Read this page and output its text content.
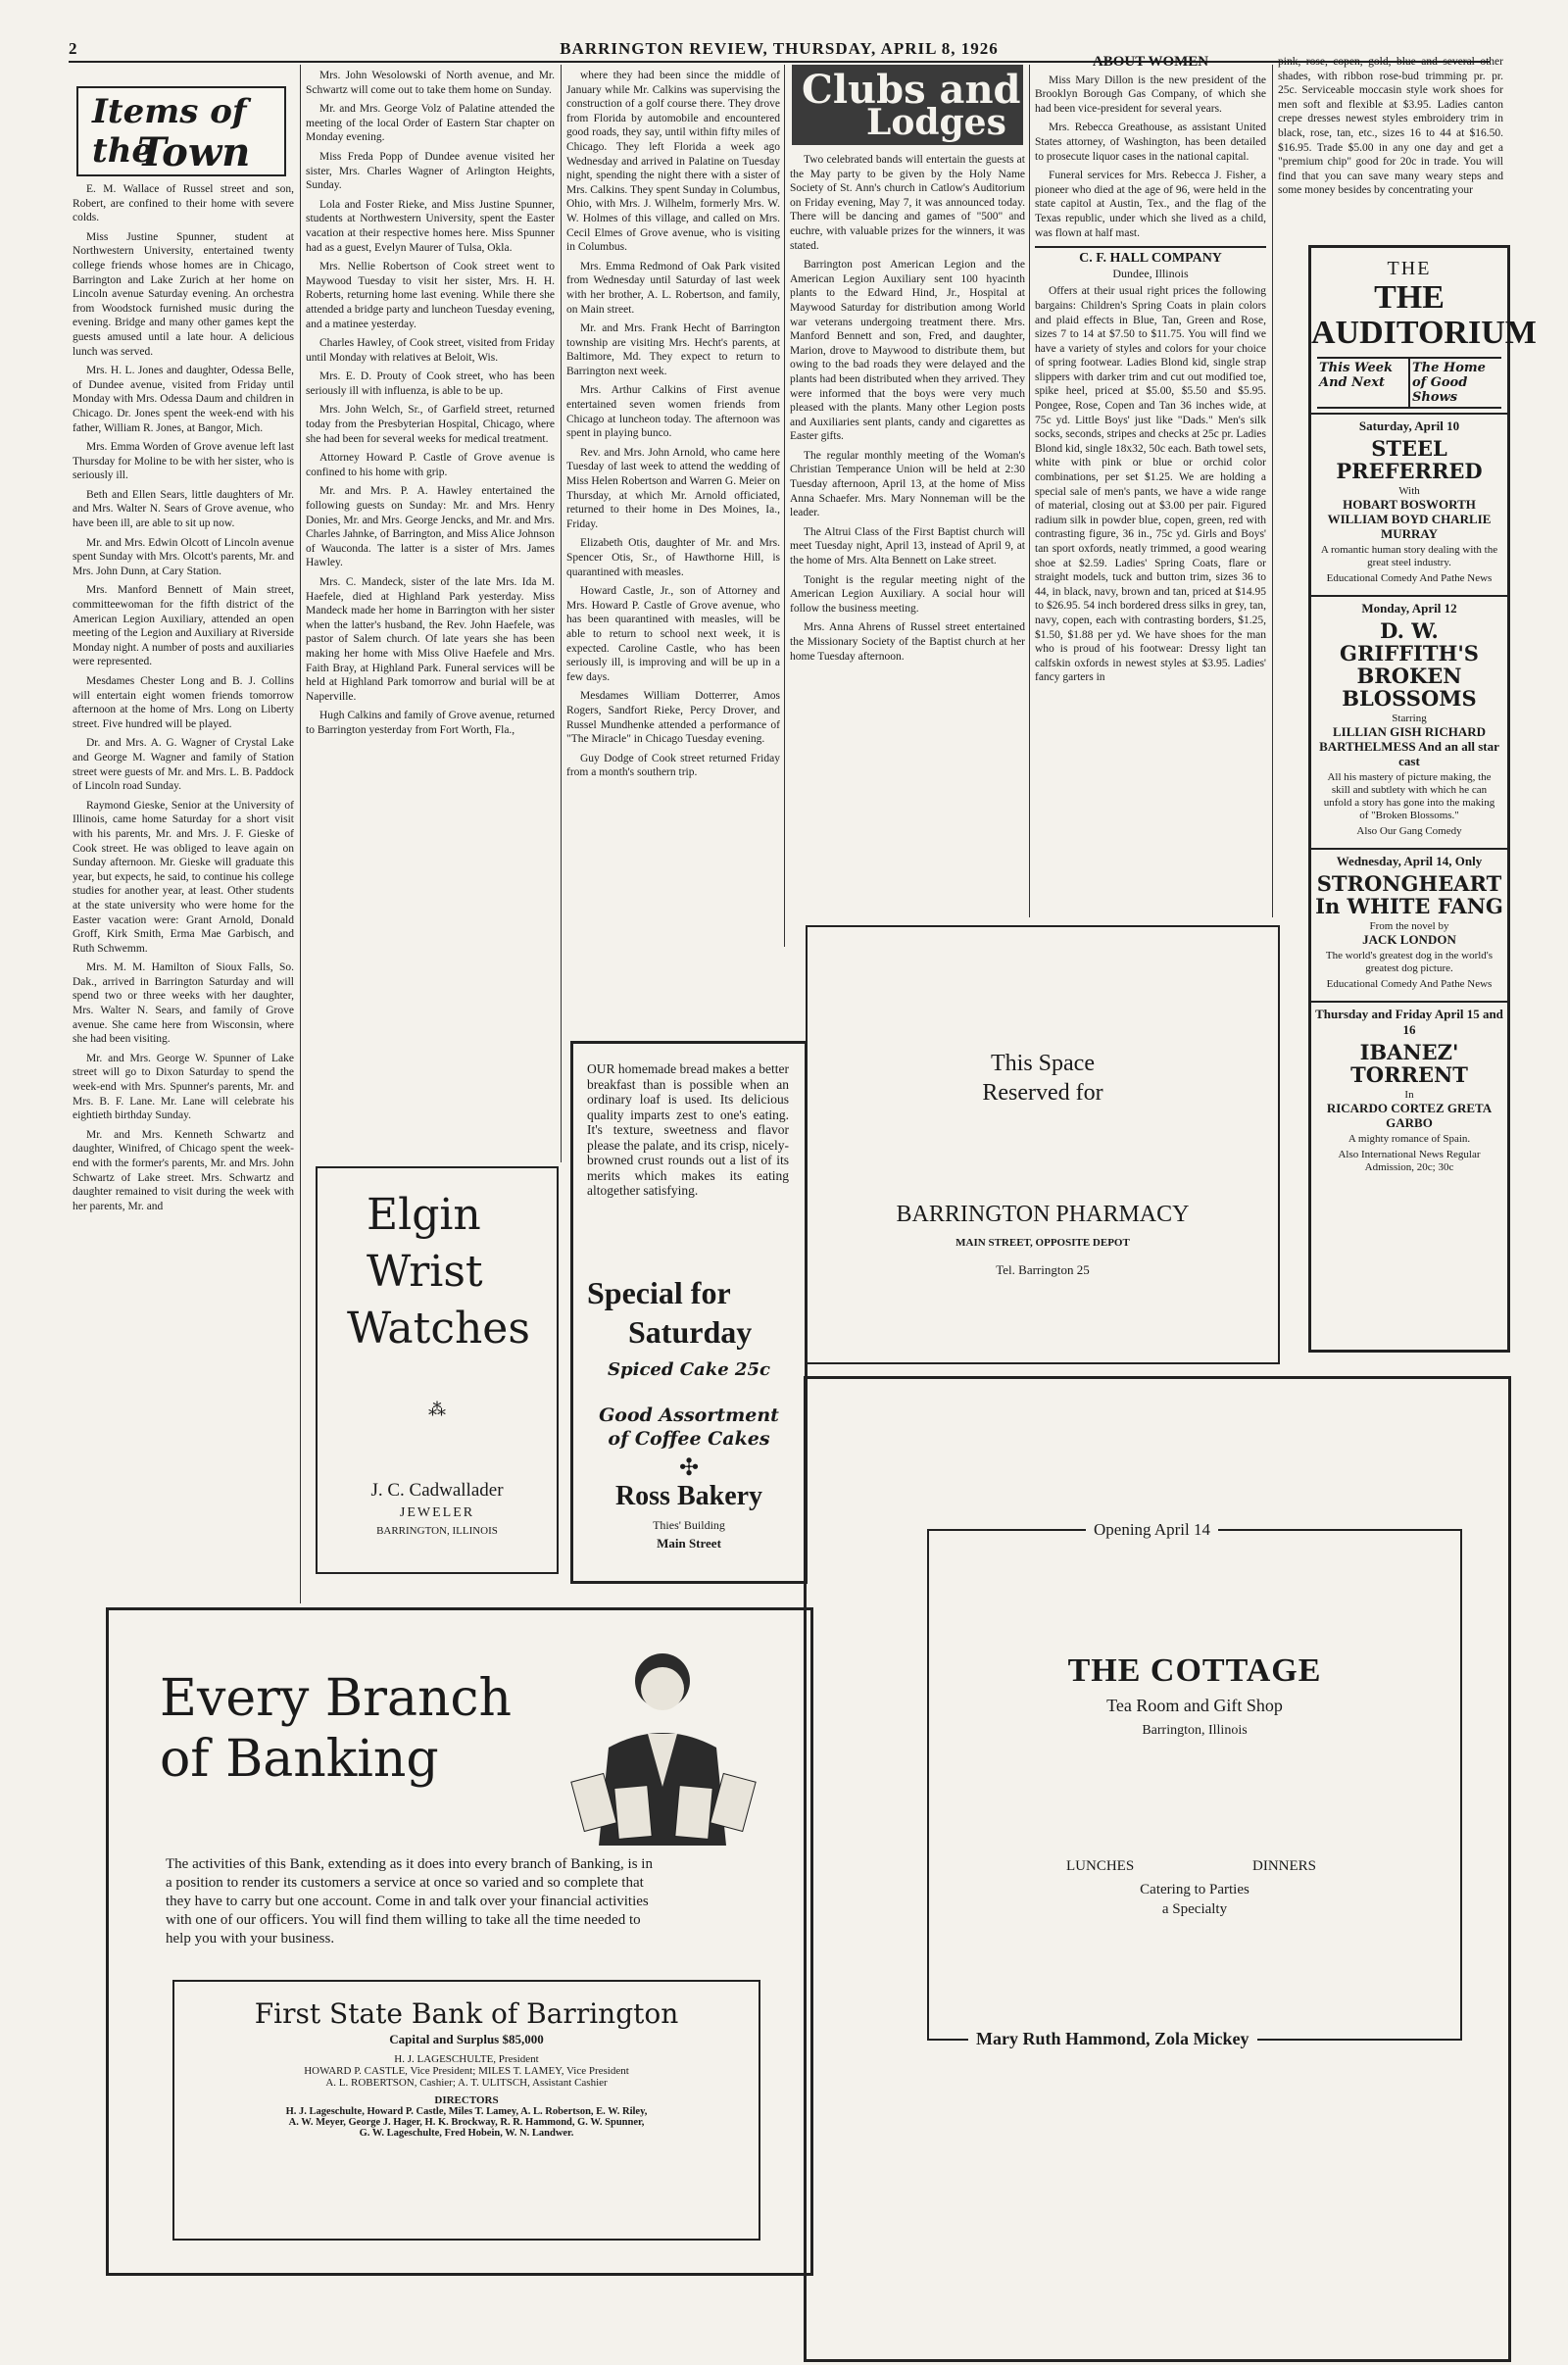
2	BARRINGTON REVIEW, THURSDAY, APRIL 8, 1926
Items of the
Town

E. M. Wallace of Russel street and son, Robert, are confined to their home with severe colds.

Miss Justine Spunner, student at Northwestern University, entertained twenty college friends whose homes are in Chicago, Barrington and Lake Zurich at her home on Lincoln avenue Saturday evening. An orchestra from Woodstock furnished music during the evening. Bridge and many other games kept the guests amused until a late hour. A delicious lunch was served.

Mrs. H. L. Jones and daughter, Odessa Belle, of Dundee avenue, visited from Friday until Monday with Mrs. Odessa Daum and children in Chicago. Dr. Jones spent the week-end with his father, William R. Jones, at Bangor, Mich.

Mrs. Emma Worden of Grove avenue left last Thursday for Moline to be with her sister, who is seriously ill.

Beth and Ellen Sears, little daughters of Mr. and Mrs. Walter N. Sears of Grove avenue, who have been ill, are able to sit up now.

Mr. and Mrs. Edwin Olcott of Lincoln avenue spent Sunday with Mrs. Olcott's parents, Mr. and Mrs. John Dunn, at Cary Station.

Mrs. Manford Bennett of Main street, committeewoman for the fifth district of the American Legion Auxiliary, attended an open meeting of the Legion and Auxiliary at Riverside Monday night. A number of posts and auxiliaries were represented.

Mesdames Chester Long and B. J. Collins will entertain eight women friends tomorrow afternoon at the home of Mrs. Long on Liberty street. Five hundred will be played.

Dr. and Mrs. A. G. Wagner of Crystal Lake and George M. Wagner and family of Station street were guests of Mr. and Mrs. L. B. Paddock of Lincoln road Sunday.

Raymond Gieske, Senior at the University of Illinois, came home Saturday for a short visit with his parents, Mr. and Mrs. J. F. Gieske of Cook street. He was obliged to leave again on Sunday afternoon. Mr. Gieske will graduate this year, but expects, he said, to continue his college studies for another year, at least. Other students at the state university who were home for the Easter vacation were: Grant Arnold, Donald Groff, Kirk Smith, Erma Mae Garbisch, and Ruth Schwemm.

Mrs. M. M. Hamilton of Sioux Falls, So. Dak., arrived in Barrington Saturday and will spend two or three weeks with her daughter, Mrs. Walter N. Sears, and family of Grove avenue. She came here from Wisconsin, where she had been visiting.

Mr. and Mrs. George W. Spunner of Lake street will go to Dixon Saturday to spend the week-end with Mrs. Spunner's parents, Mr. and Mrs. B. F. Lane. Mr. Lane will celebrate his eightieth birthday Sunday.

Mr. and Mrs. Kenneth Schwartz and daughter, Winifred, of Chicago spent the week-end with the former's parents, Mr. and Mrs. John Schwartz of Lake street. Mrs. Schwartz and daughter remained to visit during the week with her parents, Mr. and

Mrs. John Wesolowski of North avenue, and Mr. Schwartz will come out to take them home on Sunday.

Mr. and Mrs. George Volz of Palatine attended the meeting of the local Order of Eastern Star chapter on Monday evening.

Miss Freda Popp of Dundee avenue visited her sister, Mrs. Charles Wagner of Arlington Heights, Sunday.

Lola and Foster Rieke, and Miss Justine Spunner, students at Northwestern University, spent the Easter vacation at their respective homes here. Miss Spunner had as a guest, Evelyn Maurer of Tulsa, Okla.

Mrs. Nellie Robertson of Cook street went to Maywood Tuesday to visit her sister, Mrs. H. H. Roberts, returning home last evening. While there she attended a bridge party and luncheon Tuesday evening, and a matinee yesterday.

Charles Hawley, of Cook street, visited from Friday until Monday with relatives at Beloit, Wis.

Mrs. E. D. Prouty of Cook street, who has been seriously ill with influenza, is able to be up.

Mrs. John Welch, Sr., of Garfield street, returned today from the Presbyterian Hospital, Chicago, where she had been for several weeks for medical treatment.

Attorney Howard P. Castle of Grove avenue is confined to his home with grip.

Mr. and Mrs. P. A. Hawley entertained the following guests on Sunday: Mr. and Mrs. Henry Donies, Mr. and Mrs. George Jencks, and Mr. and Mrs. Charles Jahnke, of Barrington, and Miss Alice Johnson of Wauconda. The latter is a sister of Mrs. James Hawley.

Mrs. C. Mandeck, sister of the late Mrs. Ida M. Haefele, died at Highland Park yesterday. Miss Mandeck made her home in Barrington with her sister when the latter's husband, the Rev. John Haefele, was pastor of Salem church. Of late years she has been making her home with Miss Olive Haefele and Mrs. Faith Bray, at Highland Park. Funeral services will be held at Highland Park tomorrow and burial will be at Naperville.

Hugh Calkins and family of Grove avenue, returned to Barrington yesterday from Fort Worth, Fla.,

where they had been since the middle of January while Mr. Calkins was supervising the construction of a golf course there. They drove from Florida by automobile and encountered good roads, they say, until within fifty miles of Chicago. They left Florida a week ago Wednesday and arrived in Palatine on Tuesday night, spending the night there with a sister of Mrs. Calkins. They spent Sunday in Columbus, Ohio, with Mrs. J. Wilhelm, formerly Mrs. W. W. Holmes of this village, and called on Mrs. Cecil Elmes of Grove avenue, who is visiting in Columbus.

Mrs. Emma Redmond of Oak Park visited from Wednesday until Saturday of last week with her brother, A. L. Robertson, and family, on Main street.

Mr. and Mrs. Frank Hecht of Barrington township are visiting Mrs. Hecht's parents, at Baltimore, Md. They expect to return to Barrington next week.

Mrs. Arthur Calkins of First avenue entertained seven women friends from Chicago at luncheon today. The afternoon was spent in playing bunco.

Rev. and Mrs. John Arnold, who came here Tuesday of last week to attend the wedding of Miss Helen Robertson and Warren G. Meier on Thursday, at which Mr. Arnold officiated, returned to their home in Des Moines, Ia., Friday.

Elizabeth Otis, daughter of Mr. and Mrs. Spencer Otis, Sr., of Hawthorne Hill, is quarantined with measles.

Howard Castle, Jr., son of Attorney and Mrs. Howard P. Castle of Grove avenue, who has been quarantined with measles, will be able to return to school next week, it is expected. Caroline Castle, who has been seriously ill, is improving and will be up in a few days.

Mesdames William Dotterrer, Amos Rogers, Sandfort Rieke, Percy Drover, and Russel Mundhenke attended a performance of "The Miracle" in Chicago Tuesday evening.

Guy Dodge of Cook street returned Friday from a month's southern trip.

Clubs and
Lodges

Two celebrated bands will entertain the guests at the May party to be given by the Holy Name Society of St. Ann's church in Catlow's Auditorium on Friday evening, May 7, it was announced today. There will be dancing and games of "500" and euchre, with valuable prizes for the winners, it was stated.

Barrington post American Legion and the American Legion Auxiliary sent 100 hyacinth plants to the Edward Hind, Jr., Hospital at Maywood Saturday for distribution among World war veterans undergoing treatment there. Mrs. Manford Bennett and son, Fred, and daughter, Marion, drove to Maywood to distribute them, but owing to the bad roads they were delayed and the plants had been distributed when they arrived. They were informed that the boys were very much pleased with the plants. Many other Legion posts and Auxiliaries sent plants, candy and cigarettes as Easter gifts.

The regular monthly meeting of the Woman's Christian Temperance Union will be held at 2:30 Tuesday afternoon, April 13, at the home of Miss Anna Schaefer. Mrs. Mary Nonneman will be the leader.

The Altrui Class of the First Baptist church will meet Tuesday night, April 13, instead of April 9, at the home of Mrs. Alta Bennett on Lake street.

Tonight is the regular meeting night of the American Legion Auxiliary. A social hour will follow the business meeting.

Mrs. Anna Ahrens of Russel street entertained the Missionary Society of the Baptist church at her home Tuesday afternoon.

ABOUT WOMEN

Miss Mary Dillon is the new president of the Brooklyn Borough Gas Company, of which she had been vice-president for several years.

Mrs. Rebecca Greathouse, as assistant United States attorney, of Washington, has been detailed to prosecute liquor cases in the national capital.

Funeral services for Mrs. Rebecca J. Fisher, a pioneer who died at the age of 96, were held in the state capitol at Austin, Tex., and the flag of the Texas republic, under which she lived as a child, was flown at half mast.

C. F. HALL COMPANY
Dundee, Illinois

Offers at their usual right prices the following bargains: Children's Spring Coats in plain colors and plaid effects in Blue, Tan, Green and Rose, sizes 7 to 14 at $7.50 to $11.75. You will find we have a variety of styles and colors for your choice of spring footwear. Ladies Blond kid, single strap slippers with darker trim and cut out modified toe, spike heel, priced at $5.00, $5.50 and $5.95. Pongee, Rose, Copen and Tan 36 inches wide, at 75c yd. Little Boys' just like "Dads." Men's silk socks, seconds, stripes and checks at 25c pr. Ladies Blond kid, single 18x32, 50c each. Bath towel sets, white with pink or blue or orchid color combinations, per set $1.25. We are holding a special sale of men's pants, we have a wide range of material, closing out at $3.00 per pair. Figured radium silk in powder blue, copen, green, red with contrasting figure, 36 in., 75c yd. Girls and Boys' tan sport oxfords, neatly trimmed, a good wearing shoe at $2.59. Ladies' Spring Coats, flare or straight models, tuck and button trim, sizes 36 to 44, in black, navy, brown and tan, priced at $14.95 to $26.95. 54 inch bordered dress silks in grey, tan, navy, copen, each with contrasting borders, $1.25, $1.50, $1.88 per yd. We have shoes for the man who is proud of his footwear: Dressy light tan calfskin oxfords in newest styles at $3.95. Ladies' fancy garters in

pink, rose, copen, gold, blue and several other shades, with ribbon rose-bud trimming pr. pr. 25c. Serviceable moccasin style work shoes for men soft and flexible at $3.95. Ladies canton crepe dresses newest styles embroidery trim in black, rose, tan, etc., sizes 16 to 44 at $16.50. $16.95. Trade $5.00 in any one day and get a "premium chip" good for 20c in trade. You will find that you can save many weary steps and some money besides by concentrating your

THE
THE AUDITORIUM
This Week And Next
The Home of Good Shows
Saturday, April 10
STEEL PREFERRED
With
HOBART BOSWORTH WILLIAM BOYD CHARLIE MURRAY
A romantic human story dealing with the great steel industry.
Educational Comedy And Pathe News
Monday, April 12
D. W. GRIFFITH'S BROKEN BLOSSOMS
Starring
LILLIAN GISH RICHARD BARTHELMESS And an all star cast
All his mastery of picture making, the skill and subtlety with which he can unfold a story has gone into the making of "Broken Blossoms."
Also Our Gang Comedy
Wednesday, April 14, Only
STRONGHEART In WHITE FANG
From the novel by
JACK LONDON
The world's greatest dog in the world's greatest dog picture.
Educational Comedy And Pathe News
Thursday and Friday April 15 and 16
IBANEZ' TORRENT
In
RICARDO CORTEZ GRETA GARBO
A mighty romance of Spain.
Also International News Regular Admission, 20c; 30c
Elgin
Wrist
Watches
⁂
J. C. Cadwallader
JEWELER
BARRINGTON, ILLINOIS
OUR homemade bread makes a better breakfast than is possible when an ordinary loaf is used. Its delicious quality imparts zest to one's eating. It's texture, sweetness and flavor please the palate, and its crisp, nicely-browned crust rounds out a list of its merits which makes its eating altogether satisfying.
Special for
Saturday
Spiced Cake 25c
Good Assortment
of Coffee Cakes
✣
Ross Bakery
Thies' Building
Main Street
This Space
Reserved for
BARRINGTON PHARMACY
MAIN STREET, OPPOSITE DEPOT
Tel. Barrington 25
Opening April 14
THE COTTAGE
Tea Room and Gift Shop
Barrington, Illinois
LUNCHES	DINNERS
Catering to Parties
a Specialty
Mary Ruth Hammond, Zola Mickey
Every Branch
of Banking
The activities of this Bank, extending as it does into every branch of Banking, is in a position to render its customers a service at once so varied and so complete that they have to carry but one account. Come in and talk over your financial activities with one of our officers. You will find them willing to take all the time needed to help you with your business.
First State Bank of Barrington
Capital and Surplus $85,000
H. J. LAGESCHULTE, President
HOWARD P. CASTLE, Vice President; MILES T. LAMEY, Vice President
A. L. ROBERTSON, Cashier; A. T. ULITSCH, Assistant Cashier
DIRECTORS
H. J. Lageschulte, Howard P. Castle, Miles T. Lamey, A. L. Robertson, E. W. Riley,
A. W. Meyer, George J. Hager, H. K. Brockway, R. R. Hammond, G. W. Spunner,
G. W. Lageschulte, Fred Hobein, W. N. Landwer.
